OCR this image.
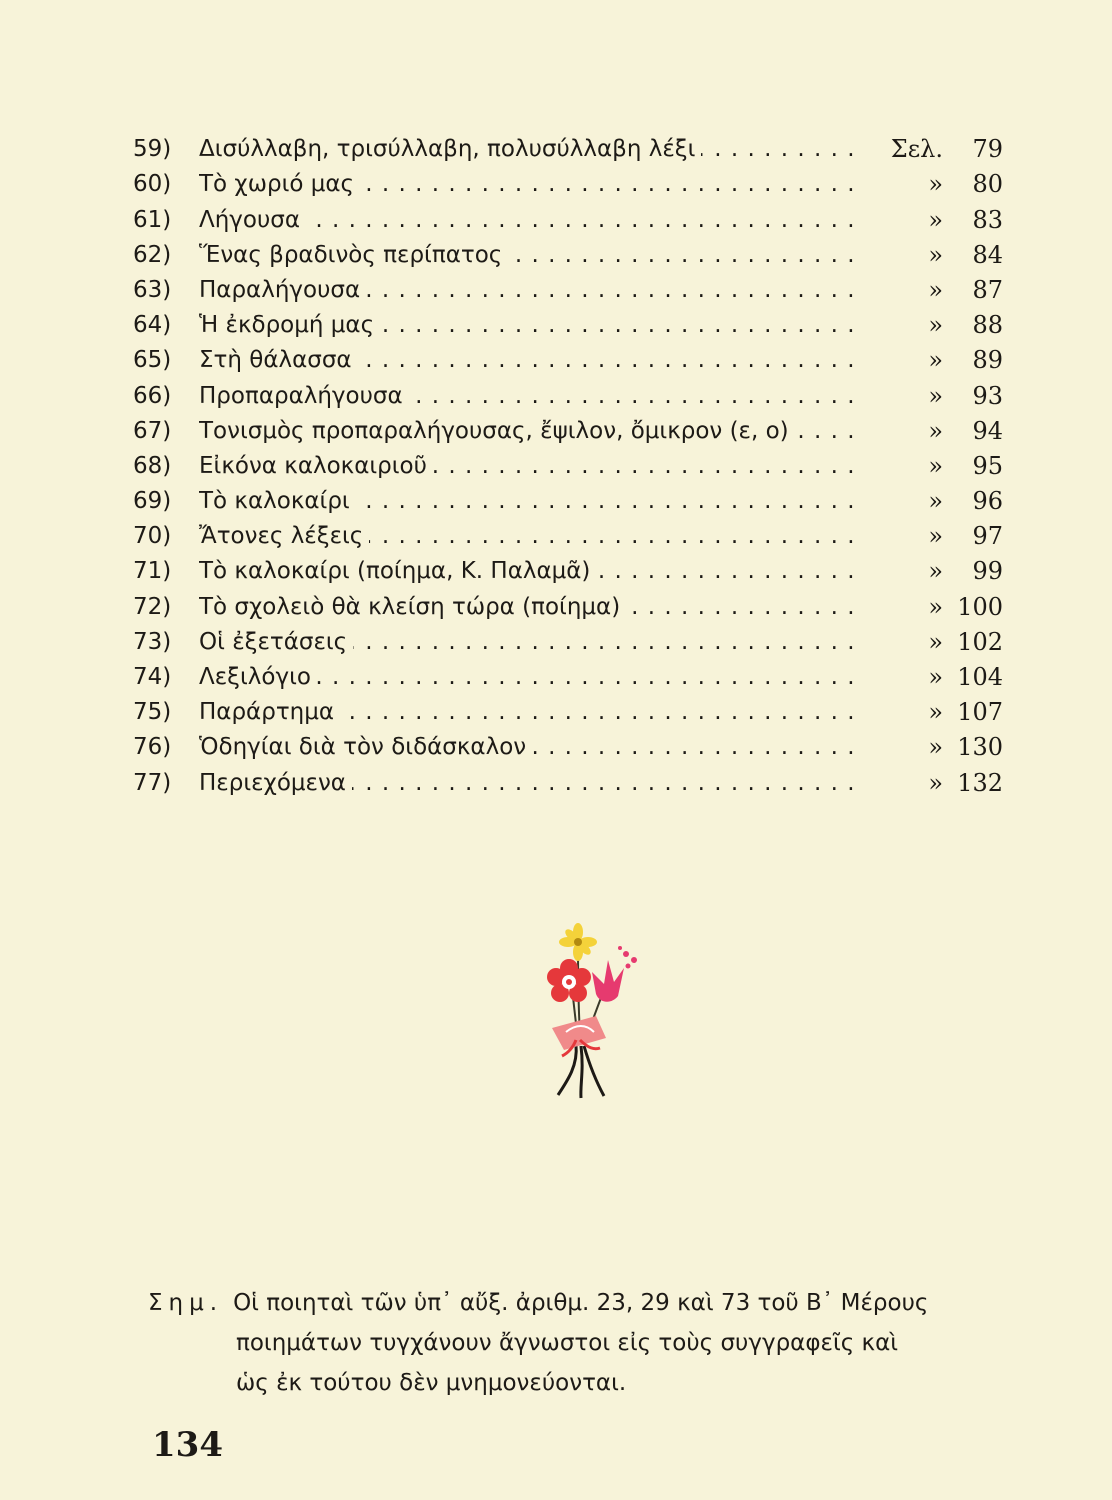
59)	Δισύλλαβη, τρισύλλαβη, πολυσύλλαβη λέξι . . .	Σελ.	79
60)	Τὸ χωριό μας . . .	»	80
61)	Λήγουσα . . .	»	83
62)	Ἕνας βραδινὸς περίπατος . . .	»	84
63)	Παραλήγουσα . . .	»	87
64)	Ἡ ἐκδρομή μας . . .	»	88
65)	Στὴ θάλασσα . . .	»	89
66)	Προπαραλήγουσα . . .	»	93
67)	Τονισμὸς προπαραλήγουσας, ἔψιλον, ὄμικρον (ε, ο) . . .	»	94
68)	Εἰκόνα καλοκαιριοῦ . . .	»	95
69)	Τὸ καλοκαίρι . . .	»	96
70)	Ἄτονες λέξεις . . .	»	97
71)	Τὸ καλοκαίρι (ποίημα, Κ. Παλαμᾶ) . . .	»	99
72)	Τὸ σχολειὸ θὰ κλείση τώρα (ποίημα) . . .	» 100
73)	Οἱ ἐξετάσεις . . .	» 102
74)	Λεξιλόγιο . . .	» 104
75)	Παράρτημα . . .	» 107
76)	Ὁδηγίαι διὰ τὸν διδάσκαλον . . .	» 130
77)	Περιεχόμενα . . .	» 132
Σημ. Οἱ ποιηταὶ τῶν ὑπ᾽ αὔξ. ἀριθμ. 23, 29 καὶ 73 τοῦ Β᾽ Μέρους
ποιημάτων τυγχάνουν ἄγνωστοι εἰς τοὺς συγγραφεῖς καὶ
ὡς ἐκ τούτου δὲν μνημονεύονται.
134
